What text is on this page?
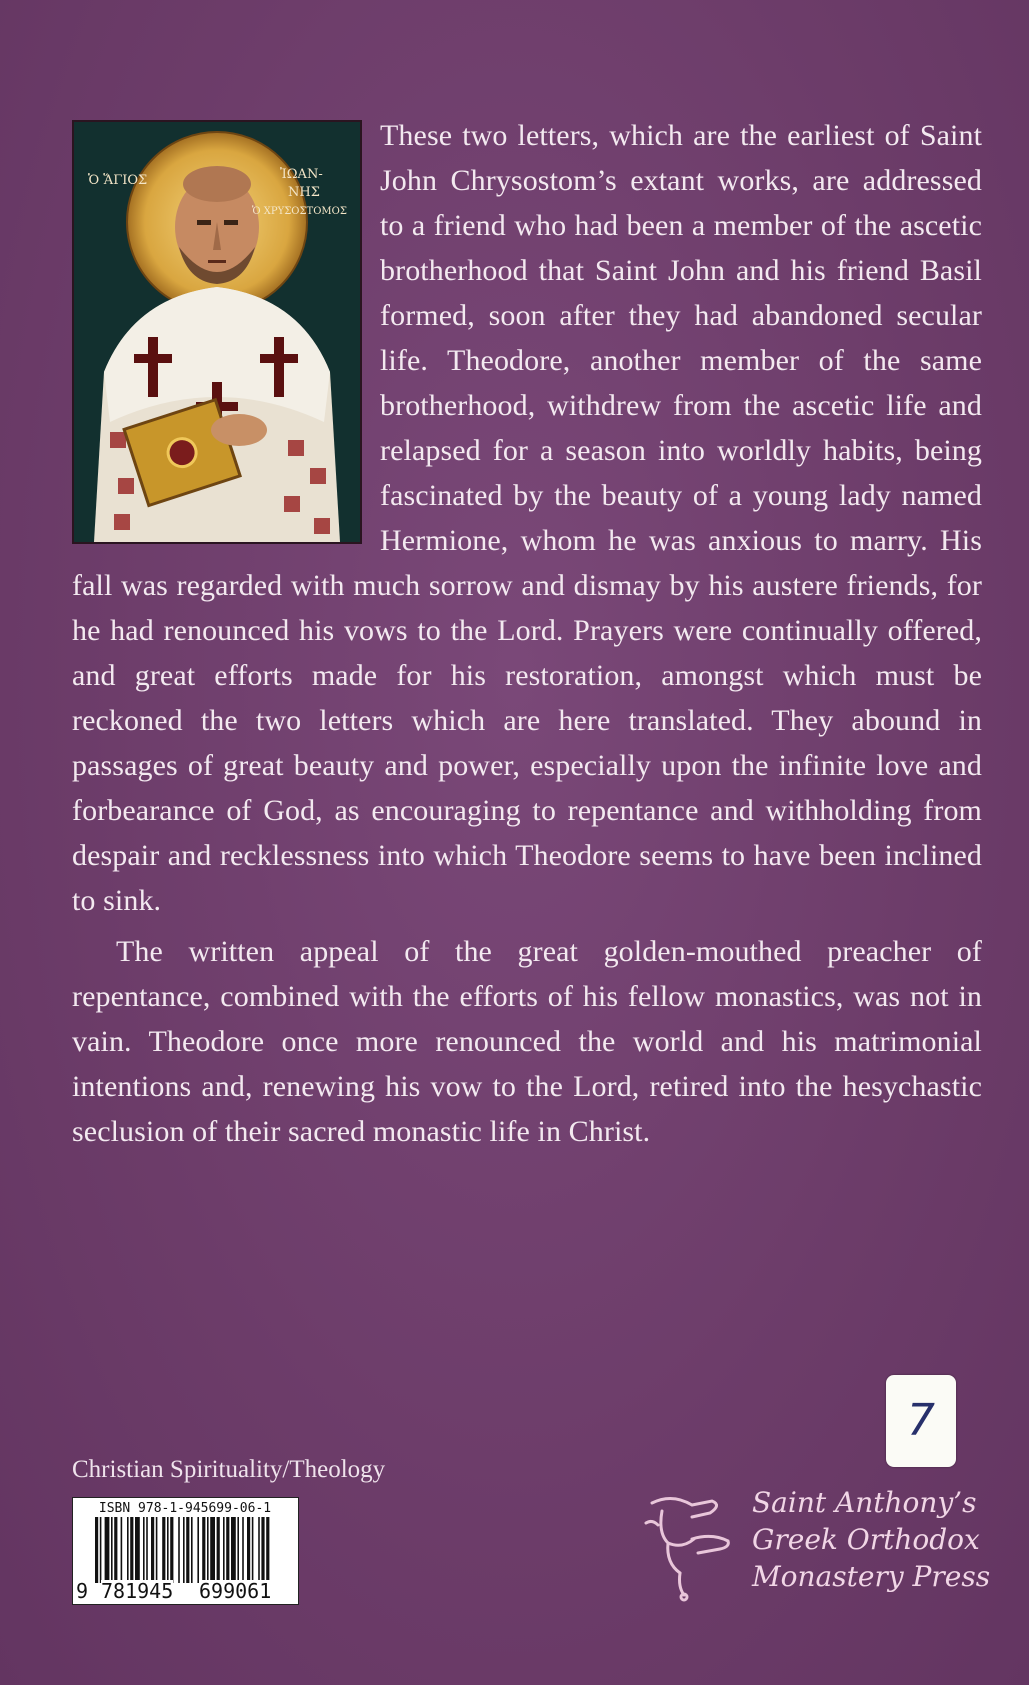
Ὁ ἍΓΙΟΣ	ἸΩΑΝ-
ΝΗΣ
Ὁ ΧΡΥΣΟΣΤΟΜΟΣ

These two letters, which are the earliest of Saint John Chrysostom’s extant works, are addressed to a friend who had been a member of the ascetic brotherhood that Saint John and his friend Basil formed, soon after they had abandoned secular life. Theodore, another member of the same brotherhood, withdrew from the ascetic life and relapsed for a season into worldly habits, being fascinated by the beauty of a young lady named Hermione, whom he was anxious to marry. His fall was regarded with much sorrow and dismay by his austere friends, for he had renounced his vows to the Lord. Prayers were continually offered, and great efforts made for his restoration, amongst which must be reckoned the two letters which are here translated. They abound in passages of great beauty and power, especially upon the infinite love and forbearance of God, as encouraging to repentance and withholding from despair and recklessness into which Theodore seems to have been inclined to sink.

The written appeal of the great golden-mouthed preacher of repentance, combined with the efforts of his fellow monastics, was not in vain. Theodore once more renounced the world and his matrimonial intentions and, renewing his vow to the Lord, retired into the hesychastic seclusion of their sacred monastic life in Christ.

Christian Spirituality/Theology
ISBN 978-1-945699-06-1
9 781945 699061
7
Saint Anthony’s
Greek Orthodox
Monastery Press
